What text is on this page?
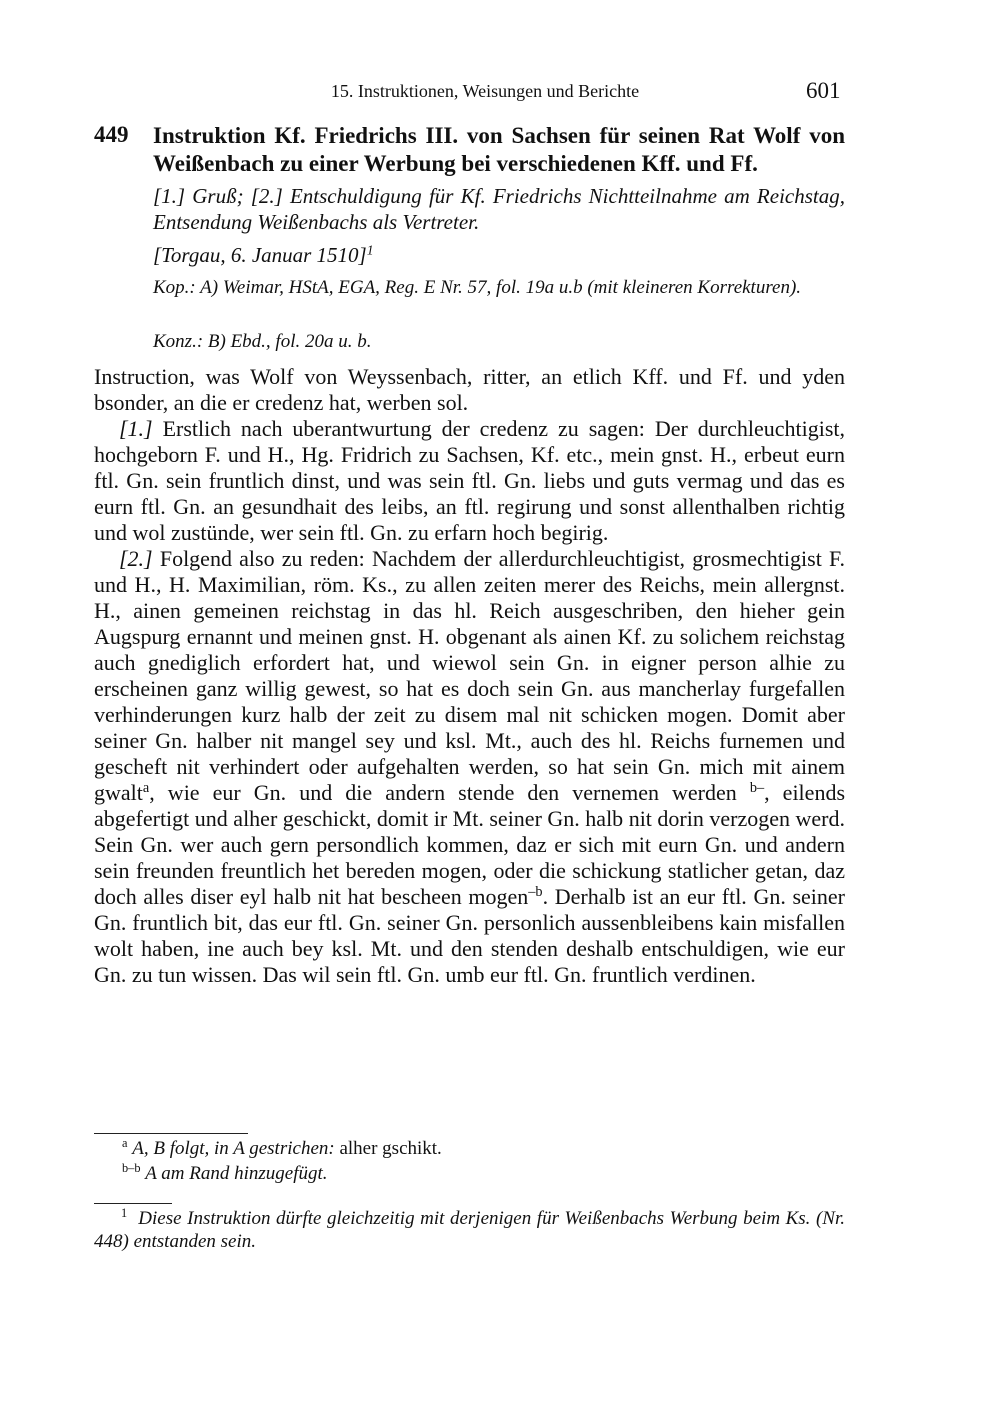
15. Instruktionen, Weisungen und Berichte	601
449 Instruktion Kf. Friedrichs III. von Sachsen für seinen Rat Wolf von Weißenbach zu einer Werbung bei verschiedenen Kff. und Ff.
[1.] Gruß; [2.] Entschuldigung für Kf. Friedrichs Nichtteilnahme am Reichstag, Entsendung Weißenbachs als Vertreter.
[Torgau, 6. Januar 1510]$^1$
Kop.: A) Weimar, HStA, EGA, Reg. E Nr. 57, fol. 19a u.b (mit kleineren Korrekturen).
Konz.: B) Ebd., fol. 20a u. b.

Instruction, was Wolf von Weyssenbach, ritter, an etlich Kff. und Ff. und yden bsonder, an die er credenz hat, werben sol.

[1.] Erstlich nach uberantwurtung der credenz zu sagen: Der durchleuchtigist, hochgeborn F. und H., Hg. Fridrich zu Sachsen, Kf. etc., mein gnst. H., erbeut eurn ftl. Gn. sein fruntlich dinst, und was sein ftl. Gn. liebs und guts vermag und das es eurn ftl. Gn. an gesundhait des leibs, an ftl. regirung und sonst allenthalben richtig und wol zustünde, wer sein ftl. Gn. zu erfarn hoch begirig.

[2.] Folgend also zu reden: Nachdem der allerdurchleuchtigist, grosmechtigist F. und H., H. Maximilian, röm. Ks., zu allen zeiten merer des Reichs, mein allergnst. H., ainen gemeinen reichstag in das hl. Reich ausgeschriben, den hieher gein Augspurg ernannt und meinen gnst. H. obgenant als ainen Kf. zu solichem reichstag auch gnediglich erfordert hat, und wiewol sein Gn. in eigner person alhie zu erscheinen ganz willig gewest, so hat es doch sein Gn. aus mancherlay furgefallen verhinderungen kurz halb der zeit zu disem mal nit schicken mogen. Domit aber seiner Gn. halber nit mangel sey und ksl. Mt., auch des hl. Reichs furnemen und gescheft nit verhindert oder aufgehalten werden, so hat sein Gn. mich mit ainem gwalt$^a$, wie eur Gn. und die andern stende den vernemen werden $^{b-}$, eilends abgefertigt und alher geschickt, domit ir Mt. seiner Gn. halb nit dorin verzogen werd. Sein Gn. wer auch gern persondlich kommen, daz er sich mit eurn Gn. und andern sein freunden freuntlich het bereden mogen, oder die schickung statlicher getan, daz doch alles diser eyl halb nit hat bescheen mogen$^{-b}$. Derhalb ist an eur ftl. Gn. seiner Gn. fruntlich bit, das eur ftl. Gn. seiner Gn. personlich aussenbleibens kain misfallen wolt haben, ine auch bey ksl. Mt. und den stenden deshalb entschuldigen, wie eur Gn. zu tun wissen. Das wil sein ftl. Gn. umb eur ftl. Gn. fruntlich verdinen.

$^a$ A, B folgt, in A gestrichen: alher gschikt.
$^{b-b}$ A am Rand hinzugefügt.
$^1$ Diese Instruktion dürfte gleichzeitig mit derjenigen für Weißenbachs Werbung beim Ks. (Nr. 448) entstanden sein.
